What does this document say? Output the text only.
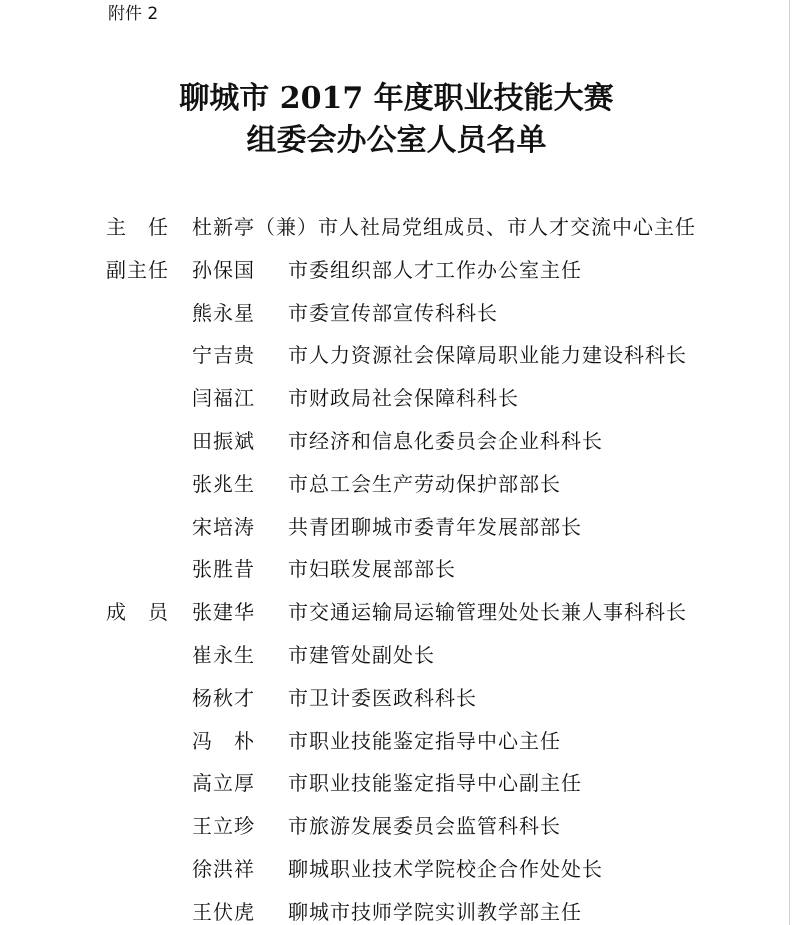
附件 2
聊城市 2017 年度职业技能大赛
组委会办公室人员名单
主　任	杜新亭（兼）市人社局党组成员、市人才交流中心主任
副主任	孙保国 市委组织部人才工作办公室主任
熊永星 市委宣传部宣传科科长
宁吉贵 市人力资源社会保障局职业能力建设科科长
闫福江 市财政局社会保障科科长
田振斌 市经济和信息化委员会企业科科长
张兆生 市总工会生产劳动保护部部长
宋培涛 共青团聊城市委青年发展部部长
张胜昔 市妇联发展部部长
成　员	张建华 市交通运输局运输管理处处长兼人事科科长
崔永生 市建管处副处长
杨秋才 市卫计委医政科科长
冯　朴 市职业技能鉴定指导中心主任
高立厚 市职业技能鉴定指导中心副主任
王立珍 市旅游发展委员会监管科科长
徐洪祥 聊城职业技术学院校企合作处处长
王伏虎 聊城市技师学院实训教学部主任
